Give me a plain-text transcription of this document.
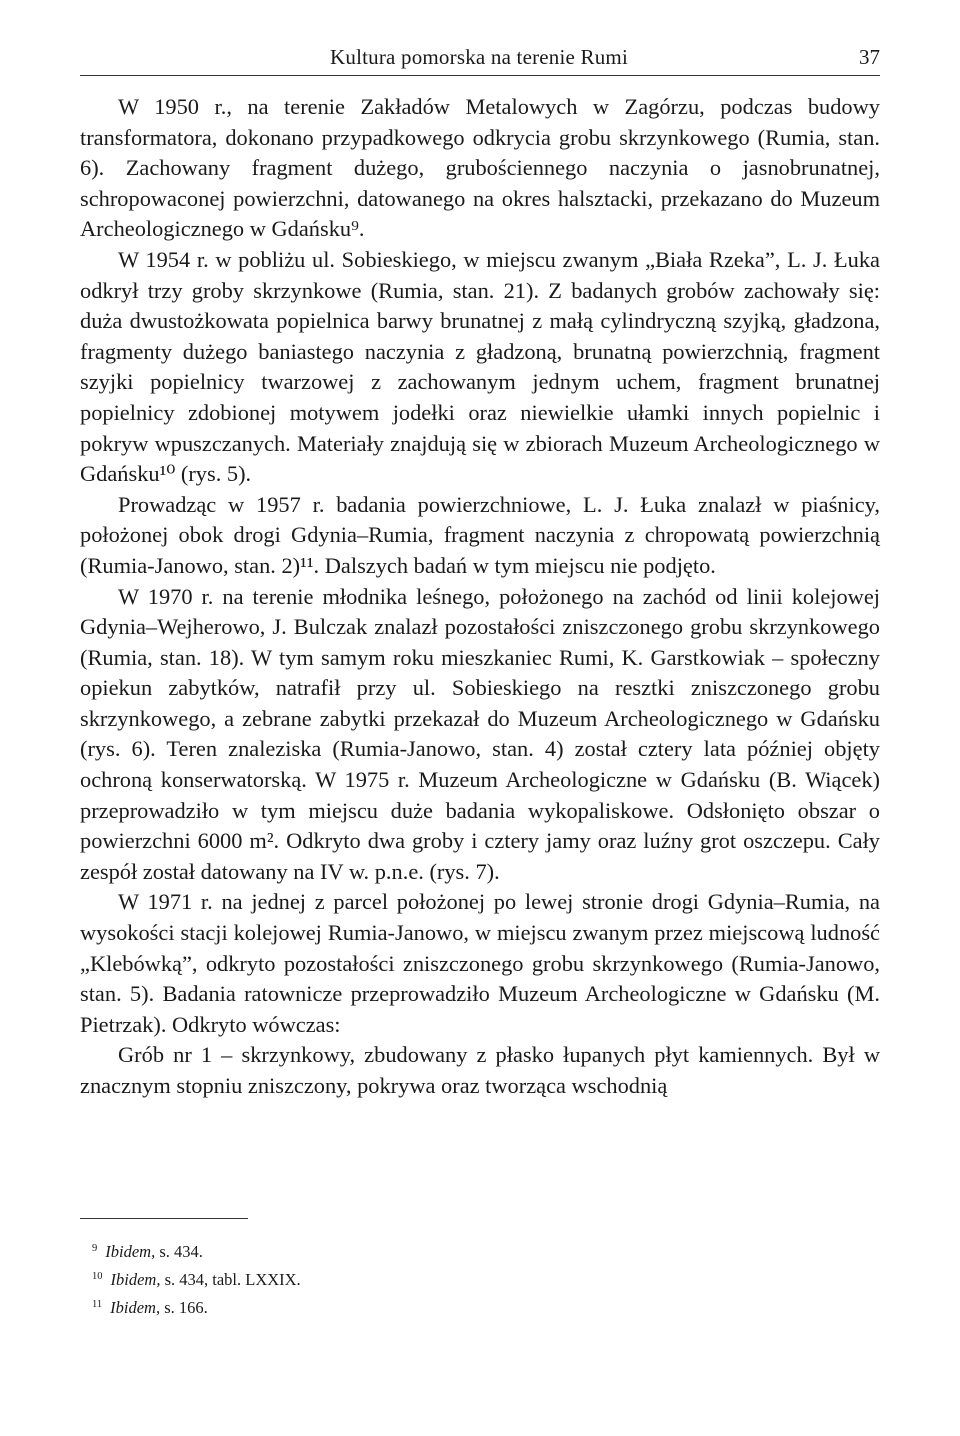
Kultura pomorska na terenie Rumi	37

W 1950 r., na terenie Zakładów Metalowych w Zagórzu, podczas budowy transformatora, dokonano przypadkowego odkrycia grobu skrzynkowego (Rumia, stan. 6). Zachowany fragment dużego, grubościennego naczynia o jasnobrunatnej, schropowaconej powierzchni, datowanego na okres halsztacki, przekazano do Muzeum Archeologicznego w Gdańsku⁹.

W 1954 r. w pobliżu ul. Sobieskiego, w miejscu zwanym „Biała Rzeka”, L. J. Łuka odkrył trzy groby skrzynkowe (Rumia, stan. 21). Z badanych grobów zachowały się: duża dwustożkowata popielnica barwy brunatnej z małą cylindryczną szyjką, gładzona, fragmenty dużego baniastego naczynia z gładzoną, brunatną powierzchnią, fragment szyjki popielnicy twarzowej z zachowanym jednym uchem, fragment brunatnej popielnicy zdobionej motywem jodełki oraz niewielkie ułamki innych popielnic i pokryw wpuszczanych. Materiały znajdują się w zbiorach Muzeum Archeologicznego w Gdańsku¹⁰ (rys. 5).

Prowadząc w 1957 r. badania powierzchniowe, L. J. Łuka znalazł w piaśnicy, położonej obok drogi Gdynia–Rumia, fragment naczynia z chropowatą powierzchnią (Rumia-Janowo, stan. 2)¹¹. Dalszych badań w tym miejscu nie podjęto.

W 1970 r. na terenie młodnika leśnego, położonego na zachód od linii kolejowej Gdynia–Wejherowo, J. Bulczak znalazł pozostałości zniszczonego grobu skrzynkowego (Rumia, stan. 18). W tym samym roku mieszkaniec Rumi, K. Garstkowiak – społeczny opiekun zabytków, natrafił przy ul. Sobieskiego na resztki zniszczonego grobu skrzynkowego, a zebrane zabytki przekazał do Muzeum Archeologicznego w Gdańsku (rys. 6). Teren znaleziska (Rumia-Janowo, stan. 4) został cztery lata później objęty ochroną konserwatorską. W 1975 r. Muzeum Archeologiczne w Gdańsku (B. Wiącek) przeprowadziło w tym miejscu duże badania wykopaliskowe. Odsłonięto obszar o powierzchni 6000 m². Odkryto dwa groby i cztery jamy oraz luźny grot oszczepu. Cały zespół został datowany na IV w. p.n.e. (rys. 7).

W 1971 r. na jednej z parcel położonej po lewej stronie drogi Gdynia–Rumia, na wysokości stacji kolejowej Rumia-Janowo, w miejscu zwanym przez miejscową ludność „Klebówką”, odkryto pozostałości zniszczonego grobu skrzynkowego (Rumia-Janowo, stan. 5). Badania ratownicze przeprowadziło Muzeum Archeologiczne w Gdańsku (M. Pietrzak). Odkryto wówczas:

Grób nr 1 – skrzynkowy, zbudowany z płasko łupanych płyt kamiennych. Był w znacznym stopniu zniszczony, pokrywa oraz tworząca wschodnią

$^9$ Ibidem, s. 434.
$^{10}$ Ibidem, s. 434, tabl. LXXIX.
$^{11}$ Ibidem, s. 166.
